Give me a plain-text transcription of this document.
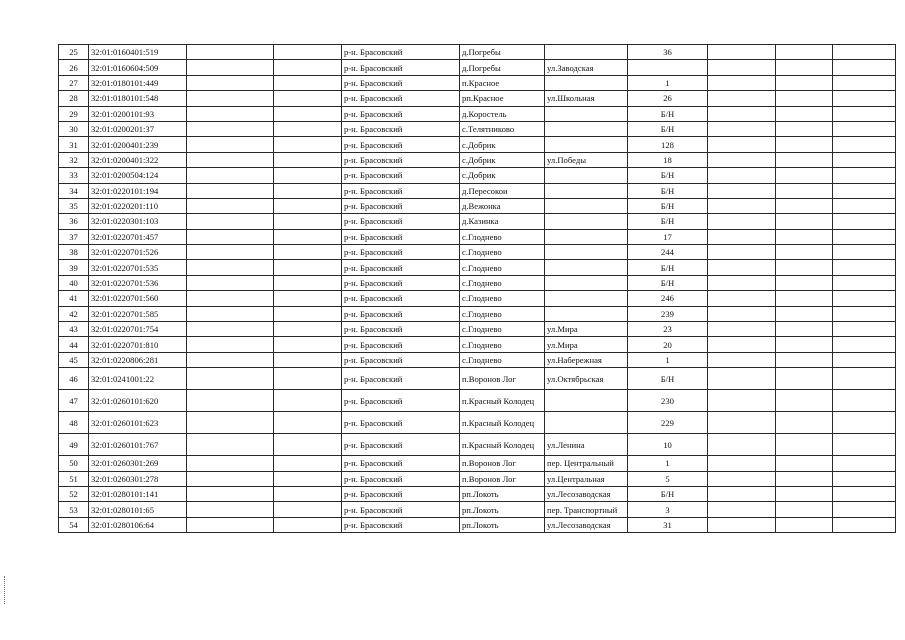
25	32:01:0160401:519			р-н. Брасовский	д.Погребы		36			
26	32:01:0160604:509			р-н. Брасовский	д.Погребы	ул.Заводская				
27	32:01:0180101:449			р-н. Брасовский	п.Красное		1			
28	32:01:0180101:548			р-н. Брасовский	рп.Красное	ул.Школьная	26			
29	32:01:0200101:93			р-н. Брасовский	д.Коростель		Б/Н			
30	32:01:0200201:37			р-н. Брасовский	с.Телятниково		Б/Н			
31	32:01:0200401:239			р-н. Брасовский	с.Добрик		128			
32	32:01:0200401:322			р-н. Брасовский	с.Добрик	ул.Победы	18			
33	32:01:0200504:124			р-н. Брасовский	с.Добрик		Б/Н			
34	32:01:0220101:194			р-н. Брасовский	д.Пересокои		Б/Н			
35	32:01:0220201:110			р-н. Брасовский	д.Вежонка		Б/Н			
36	32:01:0220301:103			р-н. Брасовский	д.Казинка		Б/Н			
37	32:01:0220701:457			р-н. Брасовский	с.Глоднево		17			
38	32:01:0220701:526			р-н. Брасовский	с.Глоднево		244			
39	32:01:0220701:535			р-н. Брасовский	с.Глоднево		Б/Н			
40	32:01:0220701:536			р-н. Брасовский	с.Глоднево		Б/Н			
41	32:01:0220701:560			р-н. Брасовский	с.Глоднево		246			
42	32:01:0220701:585			р-н. Брасовский	с.Глоднево		239			
43	32:01:0220701:754			р-н. Брасовский	с.Глоднево	ул.Мира	23			
44	32:01:0220701:810			р-н. Брасовский	с.Глоднево	ул.Мира	20			
45	32:01:0220806:281			р-н. Брасовский	с.Глоднево	ул.Набережная	1			
46	32:01:0241001:22			р-н. Брасовский	п.Воронов Лог	ул.Октябрьская	Б/Н			
47	32:01:0260101:620			р-н. Брасовский	п.Красный Колодец		230			
48	32:01:0260101:623			р-н. Брасовский	п.Красный Колодец		229			
49	32:01:0260101:767			р-н. Брасовский	п.Красный Колодец	ул.Ленина	10			
50	32:01:0260301:269			р-н. Брасовский	п.Воронов Лог	пер. Центральный	1			
51	32:01:0260301:278			р-н. Брасовский	п.Воронов Лог	ул.Центральная	5			
52	32:01:0280101:141			р-н. Брасовский	рп.Локоть	ул.Лесозаводская	Б/Н			
53	32:01:0280101:65			р-н. Брасовский	рп.Локоть	пер. Транспортный	3			
54	32:01:0280106:64			р-н. Брасовский	рп.Локоть	ул.Лесозаводская	31			
